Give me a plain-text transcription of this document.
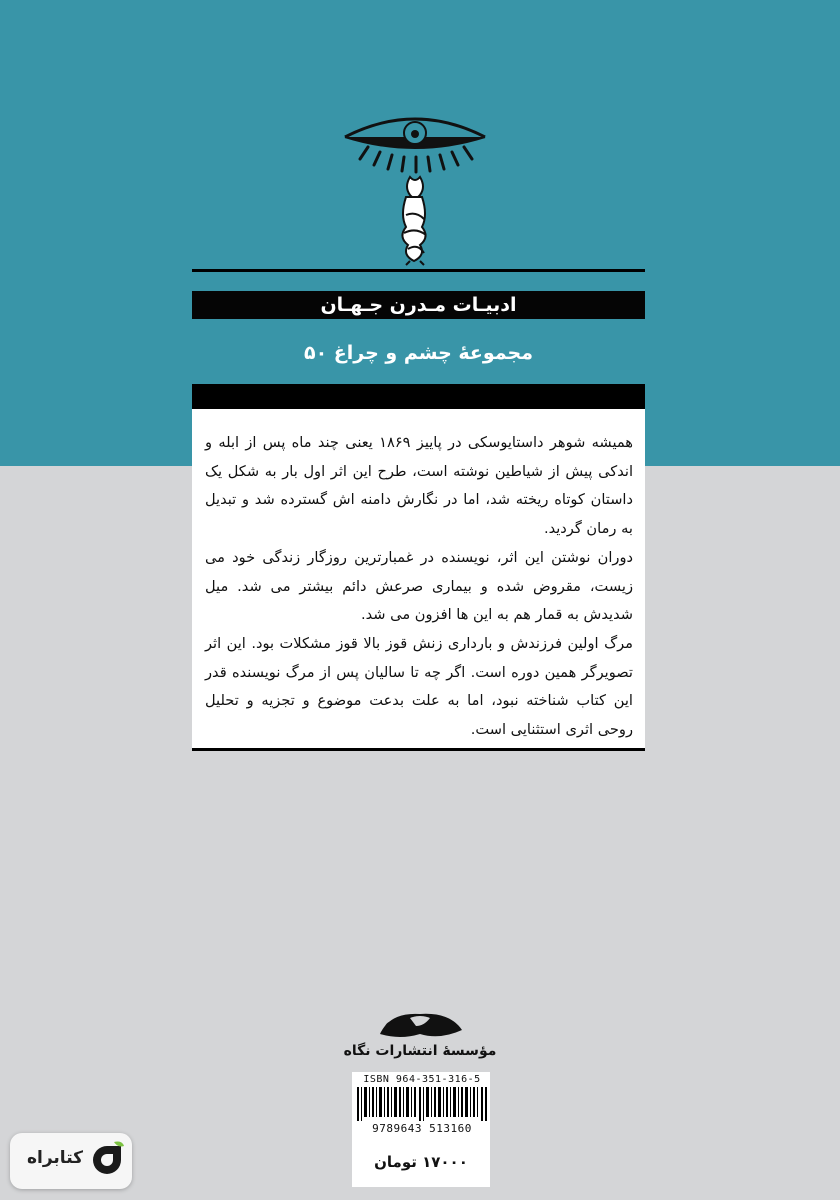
ادبیـات مـدرن جـهـان
مجموعهٔ چشم و چراغ ۵۰

همیشه شوهر داستایوسکی در پاییز ۱۸۶۹ یعنی چند ماه پس از ابله و اندکی پیش از شیاطین نوشته است، طرح این اثر اول بار به شکل یک داستان کوتاه ریخته شد، اما در نگارش دامنه اش گسترده شد و تبدیل به رمان گردید.

دوران نوشتن این اثر، نویسنده در غمبارترین روزگار زندگی خود می زیست، مقروض شده و بیماری صرعش دائم بیشتر می شد. میل شدیدش به قمار هم به این ها افزون می شد.

مرگ اولین فرزندش و بارداری زنش قوز بالا قوز مشکلات بود. این اثر تصویرگر همین دوره است. اگر چه تا سالیان پس از مرگ نویسنده قدر این کتاب شناخته نبود، اما به علت بدعت موضوع و تجزیه و تحلیل روحی اثری استثنایی است.

مؤسسهٔ انتشارات نگاه
ISBN 964-351-316-5
9789643 513160
۱۷۰۰۰ تومان
کتابراه
